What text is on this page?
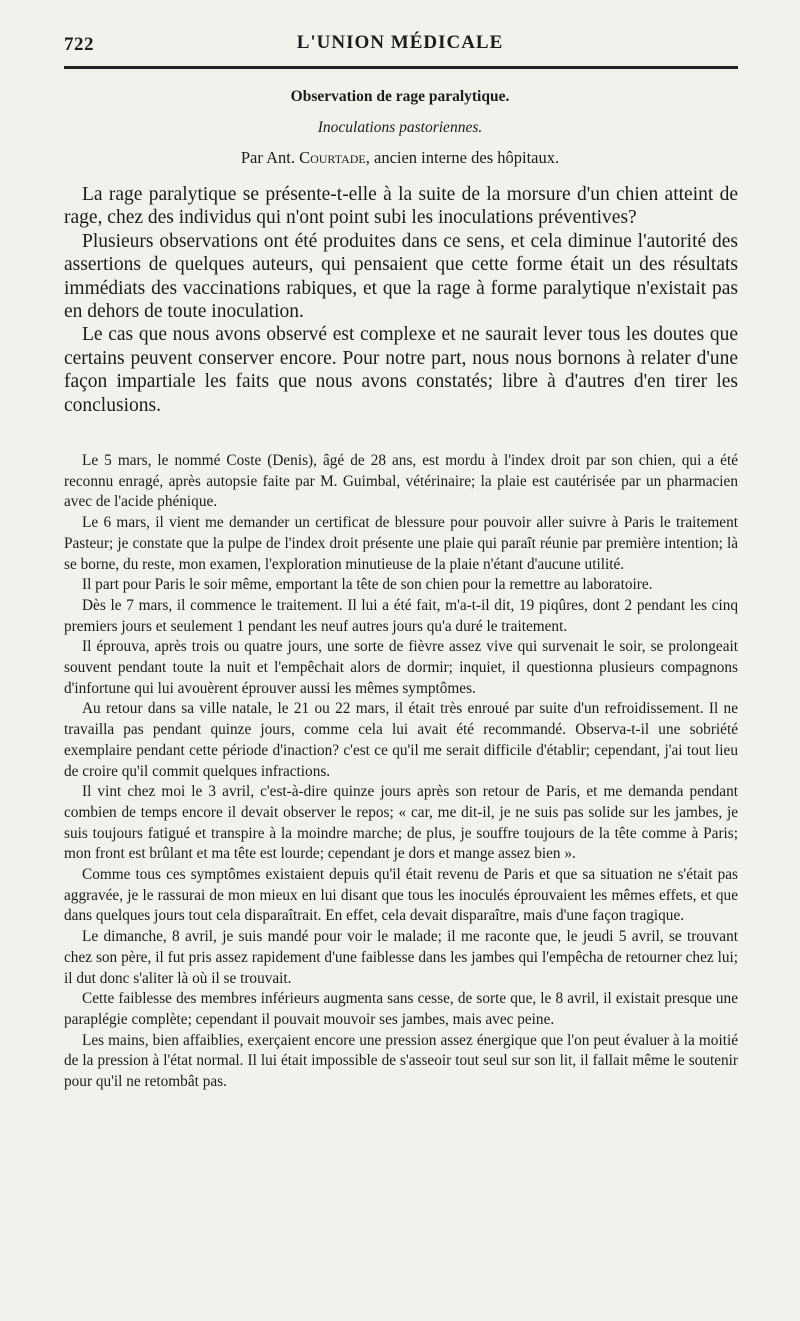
722	L'UNION MÉDICALE
Observation de rage paralytique.
Inoculations pastoriennes.
Par Ant. Courtade, ancien interne des hôpitaux.

La rage paralytique se présente-t-elle à la suite de la morsure d'un chien atteint de rage, chez des individus qui n'ont point subi les inoculations préventives?

Plusieurs observations ont été produites dans ce sens, et cela diminue l'autorité des assertions de quelques auteurs, qui pensaient que cette forme était un des résultats immédiats des vaccinations rabiques, et que la rage à forme paralytique n'existait pas en dehors de toute inoculation.

Le cas que nous avons observé est complexe et ne saurait lever tous les doutes que certains peuvent conserver encore. Pour notre part, nous nous bornons à relater d'une façon impartiale les faits que nous avons constatés; libre à d'autres d'en tirer les conclusions.

Le 5 mars, le nommé Coste (Denis), âgé de 28 ans, est mordu à l'index droit par son chien, qui a été reconnu enragé, après autopsie faite par M. Guimbal, vétérinaire; la plaie est cautérisée par un pharmacien avec de l'acide phénique.

Le 6 mars, il vient me demander un certificat de blessure pour pouvoir aller suivre à Paris le traitement Pasteur; je constate que la pulpe de l'index droit présente une plaie qui paraît réunie par première intention; là se borne, du reste, mon examen, l'exploration minutieuse de la plaie n'étant d'aucune utilité.

Il part pour Paris le soir même, emportant la tête de son chien pour la remettre au laboratoire.

Dès le 7 mars, il commence le traitement. Il lui a été fait, m'a-t-il dit, 19 piqûres, dont 2 pendant les cinq premiers jours et seulement 1 pendant les neuf autres jours qu'a duré le traitement.

Il éprouva, après trois ou quatre jours, une sorte de fièvre assez vive qui survenait le soir, se prolongeait souvent pendant toute la nuit et l'empêchait alors de dormir; inquiet, il questionna plusieurs compagnons d'infortune qui lui avouèrent éprouver aussi les mêmes symptômes.

Au retour dans sa ville natale, le 21 ou 22 mars, il était très enroué par suite d'un refroidissement. Il ne travailla pas pendant quinze jours, comme cela lui avait été recommandé. Observa-t-il une sobriété exemplaire pendant cette période d'inaction? c'est ce qu'il me serait difficile d'établir; cependant, j'ai tout lieu de croire qu'il commit quelques infractions.

Il vint chez moi le 3 avril, c'est-à-dire quinze jours après son retour de Paris, et me demanda pendant combien de temps encore il devait observer le repos; « car, me dit-il, je ne suis pas solide sur les jambes, je suis toujours fatigué et transpire à la moindre marche; de plus, je souffre toujours de la tête comme à Paris; mon front est brûlant et ma tête est lourde; cependant je dors et mange assez bien ».

Comme tous ces symptômes existaient depuis qu'il était revenu de Paris et que sa situation ne s'était pas aggravée, je le rassurai de mon mieux en lui disant que tous les inoculés éprouvaient les mêmes effets, et que dans quelques jours tout cela disparaîtrait. En effet, cela devait disparaître, mais d'une façon tragique.

Le dimanche, 8 avril, je suis mandé pour voir le malade; il me raconte que, le jeudi 5 avril, se trouvant chez son père, il fut pris assez rapidement d'une faiblesse dans les jambes qui l'empêcha de retourner chez lui; il dut donc s'aliter là où il se trouvait.

Cette faiblesse des membres inférieurs augmenta sans cesse, de sorte que, le 8 avril, il existait presque une paraplégie complète; cependant il pouvait mouvoir ses jambes, mais avec peine.

Les mains, bien affaiblies, exerçaient encore une pression assez énergique que l'on peut évaluer à la moitié de la pression à l'état normal. Il lui était impossible de s'asseoir tout seul sur son lit, il fallait même le soutenir pour qu'il ne retombât pas.
